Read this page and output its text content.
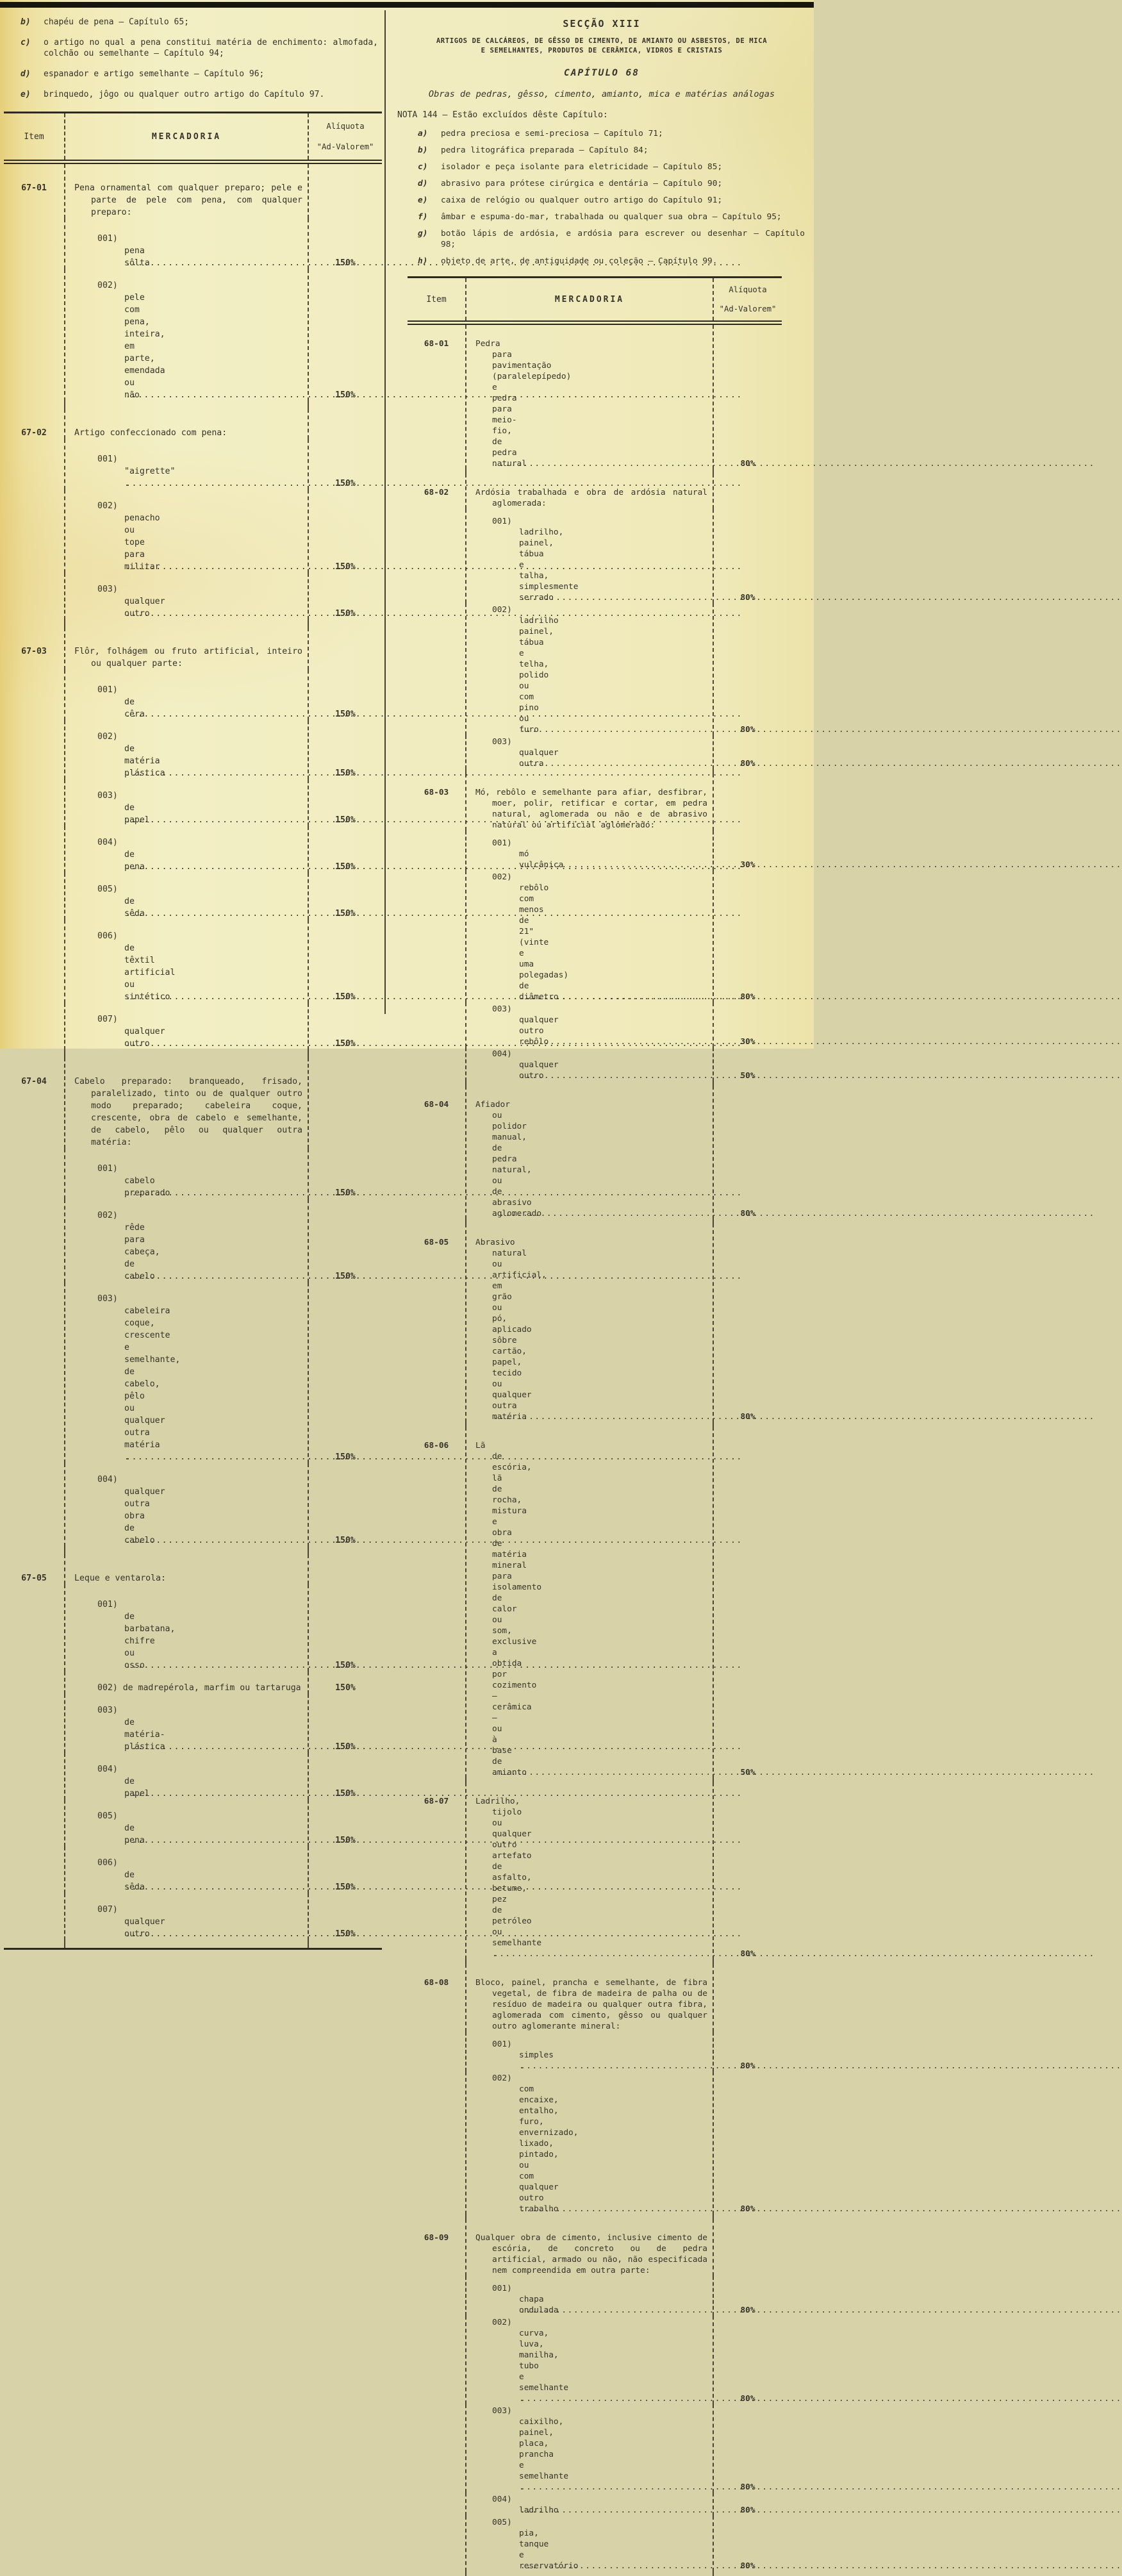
b)	chapéu de pena — Capítulo 65;
c)	o artigo no qual a pena constitui matéria de enchimento: almofada, colchão ou semelhante — Capítulo 94;
d)	espanador e artigo semelhante — Capítulo 96;
e)	brinquedo, jôgo ou qualquer outro artigo do Capítulo 97.
Item	MERCADORIA
Alíquota
"Ad-Valorem"
67-01	Pena ornamental com qualquer preparo; pele e parte de pele com pena, com qualquer preparo:
001) pena sôlta .....	150%
002) pele com pena, inteira, em parte, emendada ou não .....	150%
67-02	Artigo confeccionado com pena:
001) "aigrette" . .....	150%
002) penacho ou tope para militar .....	150%
003) qualquer outro .....	150%
67-03	Flôr, folhágem ou fruto artificial, inteiro ou qualquer parte:
001) de cêra .....	150%
002) de matéria plástica .....	150%
003) de papel .....	150%
004) de pena .....	150%
005) de sêda .....	150%
006) de têxtil artificial ou sintético .....	150%
007) qualquer outro .....	150%
67-04	Cabelo preparado: branqueado, frisado, paralelizado, tinto ou de qualquer outro modo preparado; cabeleira coque, crescente, obra de cabelo e semelhante, de cabelo, pêlo ou qualquer outra matéria:
001) cabelo preparado .....	150%
002) rêde para cabeça, de cabelo .....	150%
003) cabeleira coque, crescente e semelhante, de cabelo, pêlo ou qualquer outra matéria . .....	150%
004) qualquer outra obra de cabelo .....	150%
67-05	Leque e ventarola:
001) de barbatana, chifre ou osso .....	150%
002) de madrepérola, marfim ou tartaruga	150%
003) de matéria-plástica .....	150%
004) de papel .....	150%
005) de pena .....	150%
006) de sêda .....	150%
007) qualquer outro .....	150%
SECÇÃO XIII
ARTIGOS DE CALCÁREOS, DE GÊSSO DE CIMENTO, DE AMIANTO OU ASBESTOS, DE MICA
E SEMELHANTES, PRODUTOS DE CERÂMICA, VIDROS E CRISTAIS
CAPÍTULO 68
Obras de pedras, gêsso, cimento, amianto, mica e matérias análogas
NOTA 144 — Estão excluídos dêste Capítulo:
a)	pedra preciosa e semi-preciosa — Capítulo 71;
b)	pedra litográfica preparada — Capítulo 84;
c)	isolador e peça isolante para eletricidade — Capítulo 85;
d)	abrasivo para prótese cirúrgica e dentária — Capítulo 90;
e)	caixa de relógio ou qualquer outro artigo do Capítulo 91;
f)	âmbar e espuma-do-mar, trabalhada ou qualquer sua obra — Capítulo 95;
g)	botão lápis de ardósia, e ardósia para escrever ou desenhar — Capítulo 98;
h)	objeto de arte, de antiguidade ou coleção — Capítulo 99.
Item	MERCADORIA
Alíquota
"Ad-Valorem"
68-01	Pedra para pavimentação (paralelepípedo) e pedra para meio-fio, de pedra natural .....	80%
68-02	Ardósia trabalhada e obra de ardósia natural aglomerada:
001) ladrilho, painel, tábua e talha, simplesmente serrado .....	80%
002) ladrilho painel, tábua e telha, polido ou com pino ou furo .....	80%
003) qualquer outra .....	80%
68-03	Mó, rebôlo e semelhante para afiar, desfibrar, moer, polir, retificar e cortar, em pedra natural, aglomerada ou não e de abrasivo natural ou artificial aglomerado:
001) mó vulcânica .....	30%
002) rebôlo com menos de 21" (vinte e uma polegadas) de diâmetro .....	80%
003) qualquer outro rebôlo .....	30%
004) qualquer outro .....	50%
68-04	Afiador ou polidor manual, de pedra natural, ou de abrasivo aglomerado .....	80%
68-05	Abrasivo natural ou artificial, em grão ou pó, aplicado sôbre cartão, papel, tecido ou qualquer outra matéria .....	80%
68-06	Lã de escória, lã de rocha, mistura e obra de matéria mineral para isolamento de calor ou som, exclusive a obtida por cozimento — cerâmica — ou à base de amianto .....	50%
68-07	Ladrilho, tijolo ou qualquer outro artefato de asfalto, betume, pez de petróleo ou semelhante . .....	80%
68-08	Bloco, painel, prancha e semelhante, de fibra vegetal, de fibra de madeira de palha ou de resíduo de madeira ou qualquer outra fibra, aglomerada com cimento, gêsso ou qualquer outro aglomerante mineral:
001) simples . .....	80%
002) com encaixe, entalho, furo, envernizado, lixado, pintado, ou com qualquer outro trabalho .....	80%
68-09	Qualquer obra de cimento, inclusive cimento de escória, de concreto ou de pedra artificial, armado ou não, não especificada nem compreendida em outra parte:
001) chapa ondulada .....	80%
002) curva, luva, manilha, tubo e semelhante . .....	80%
003) caixilho, painel, placa, prancha e semelhante . .....	80%
004) ladrilho .....	80%
005) pia, tanque e reservatório .....	80%
